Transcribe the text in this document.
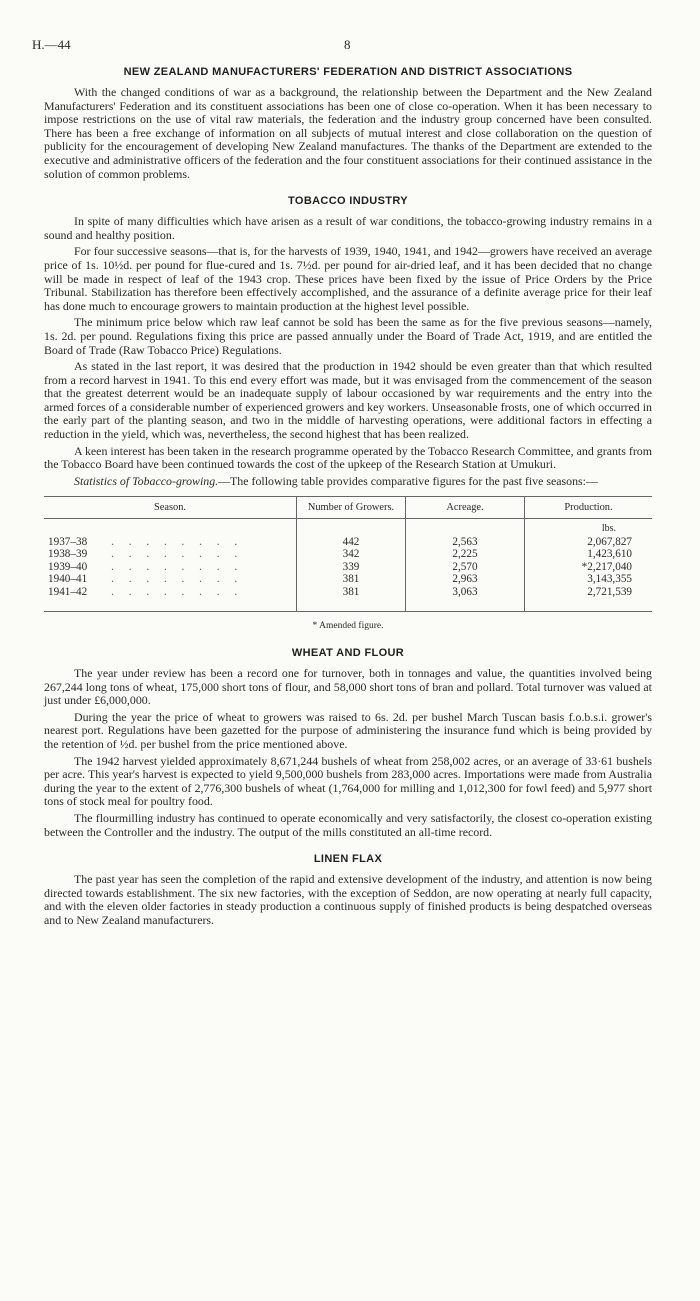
H.—44	8
NEW ZEALAND MANUFACTURERS' FEDERATION AND DISTRICT ASSOCIATIONS

With the changed conditions of war as a background, the relationship between the Department and the New Zealand Manufacturers' Federation and its constituent associations has been one of close co-operation. When it has been necessary to impose restrictions on the use of vital raw materials, the federation and the industry group concerned have been consulted. There has been a free exchange of information on all subjects of mutual interest and close collaboration on the question of publicity for the encouragement of developing New Zealand manufactures. The thanks of the Department are extended to the executive and administrative officers of the federation and the four constituent associations for their continued assistance in the solution of common problems.

TOBACCO INDUSTRY

In spite of many difficulties which have arisen as a result of war conditions, the tobacco-growing industry remains in a sound and healthy position.

For four successive seasons—that is, for the harvests of 1939, 1940, 1941, and 1942—growers have received an average price of 1s. 10½d. per pound for flue-cured and 1s. 7½d. per pound for air-dried leaf, and it has been decided that no change will be made in respect of leaf of the 1943 crop. These prices have been fixed by the issue of Price Orders by the Price Tribunal. Stabilization has therefore been effectively accomplished, and the assurance of a definite average price for their leaf has done much to encourage growers to maintain production at the highest level possible.

The minimum price below which raw leaf cannot be sold has been the same as for the five previous seasons—namely, 1s. 2d. per pound. Regulations fixing this price are passed annually under the Board of Trade Act, 1919, and are entitled the Board of Trade (Raw Tobacco Price) Regulations.

As stated in the last report, it was desired that the production in 1942 should be even greater than that which resulted from a record harvest in 1941. To this end every effort was made, but it was envisaged from the commencement of the season that the greatest deterrent would be an inadequate supply of labour occasioned by war requirements and the entry into the armed forces of a considerable number of experienced growers and key workers. Unseasonable frosts, one of which occurred in the early part of the planting season, and two in the middle of harvesting operations, were additional factors in effecting a reduction in the yield, which was, nevertheless, the second highest that has been realized.

A keen interest has been taken in the research programme operated by the Tobacco Research Committee, and grants from the Tobacco Board have been continued towards the cost of the upkeep of the Research Station at Umukuri.

Statistics of Tobacco-growing.—The following table provides comparative figures for the past five seasons:—

Season.	Number of Growers.	Acreage.	Production.
			lbs.
1937–38 . . . . . . . .	442	2,563	2,067,827
1938–39 . . . . . . . .	342	2,225	1,423,610
1939–40 . . . . . . . .	339	2,570	*2,217,040
1940–41 . . . . . . . .	381	2,963	3,143,355
1941–42 . . . . . . . .	381	3,063	2,721,539
* Amended figure.
WHEAT AND FLOUR

The year under review has been a record one for turnover, both in tonnages and value, the quantities involved being 267,244 long tons of wheat, 175,000 short tons of flour, and 58,000 short tons of bran and pollard. Total turnover was valued at just under £6,000,000.

During the year the price of wheat to growers was raised to 6s. 2d. per bushel March Tuscan basis f.o.b.s.i. grower's nearest port. Regulations have been gazetted for the purpose of administering the insurance fund which is being provided by the retention of ½d. per bushel from the price mentioned above.

The 1942 harvest yielded approximately 8,671,244 bushels of wheat from 258,002 acres, or an average of 33·61 bushels per acre. This year's harvest is expected to yield 9,500,000 bushels from 283,000 acres. Importations were made from Australia during the year to the extent of 2,776,300 bushels of wheat (1,764,000 for milling and 1,012,300 for fowl feed) and 5,977 short tons of stock meal for poultry food.

The flourmilling industry has continued to operate economically and very satisfactorily, the closest co-operation existing between the Controller and the industry. The output of the mills constituted an all-time record.

LINEN FLAX

The past year has seen the completion of the rapid and extensive development of the industry, and attention is now being directed towards establishment. The six new factories, with the exception of Seddon, are now operating at nearly full capacity, and with the eleven older factories in steady production a continuous supply of finished products is being despatched overseas and to New Zealand manufacturers.
